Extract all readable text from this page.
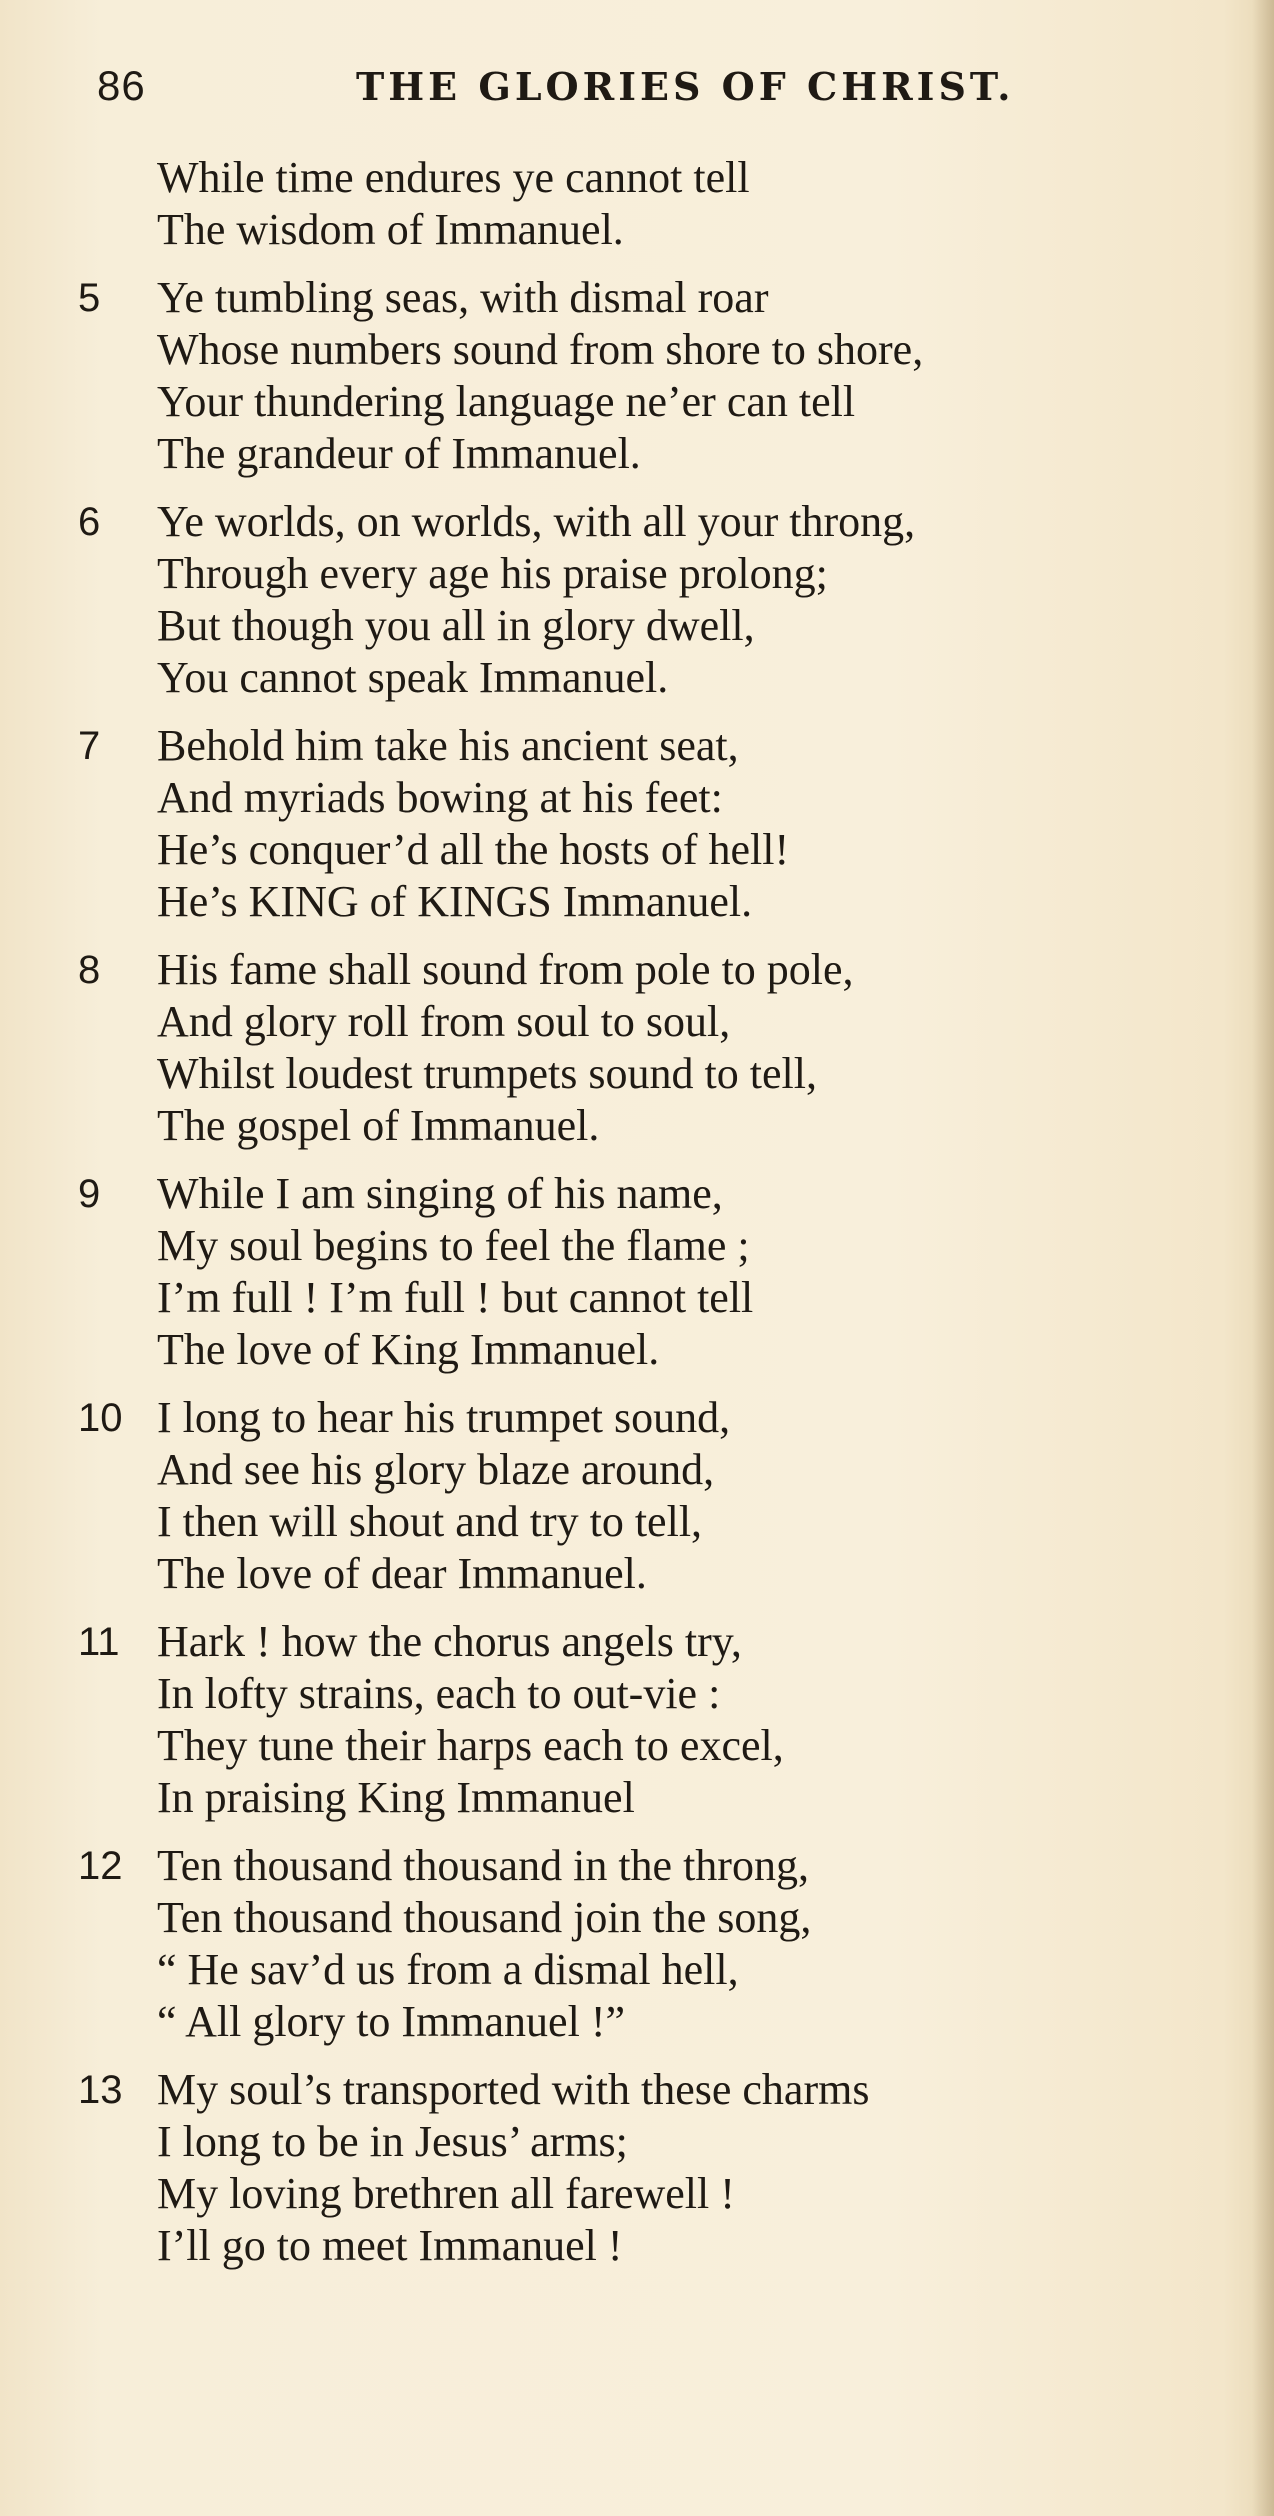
86	THE GLORIES OF CHRIST.
While time endures ye cannot tell
The wisdom of Immanuel.
5 Ye tumbling seas, with dismal roar
Whose numbers sound from shore to shore,
Your thundering language ne’er can tell
The grandeur of Immanuel.
6 Ye worlds, on worlds, with all your throng,
Through every age his praise prolong;
But though you all in glory dwell,
You cannot speak Immanuel.
7 Behold him take his ancient seat,
And myriads bowing at his feet:
He’s conquer’d all the hosts of hell!
He’s KING of KINGS Immanuel.
8 His fame shall sound from pole to pole,
And glory roll from soul to soul,
Whilst loudest trumpets sound to tell,
The gospel of Immanuel.
9 While I am singing of his name,
My soul begins to feel the flame ;
I’m full ! I’m full ! but cannot tell
The love of King Immanuel.
10 I long to hear his trumpet sound,
And see his glory blaze around,
I then will shout and try to tell,
The love of dear Immanuel.
11 Hark ! how the chorus angels try,
In lofty strains, each to out-vie :
They tune their harps each to excel,
In praising King Immanuel
12 Ten thousand thousand in the throng,
Ten thousand thousand join the song,
“ He sav’d us from a dismal hell,
“ All glory to Immanuel !”
13 My soul’s transported with these charms
I long to be in Jesus’ arms;
My loving brethren all farewell !
I’ll go to meet Immanuel !
